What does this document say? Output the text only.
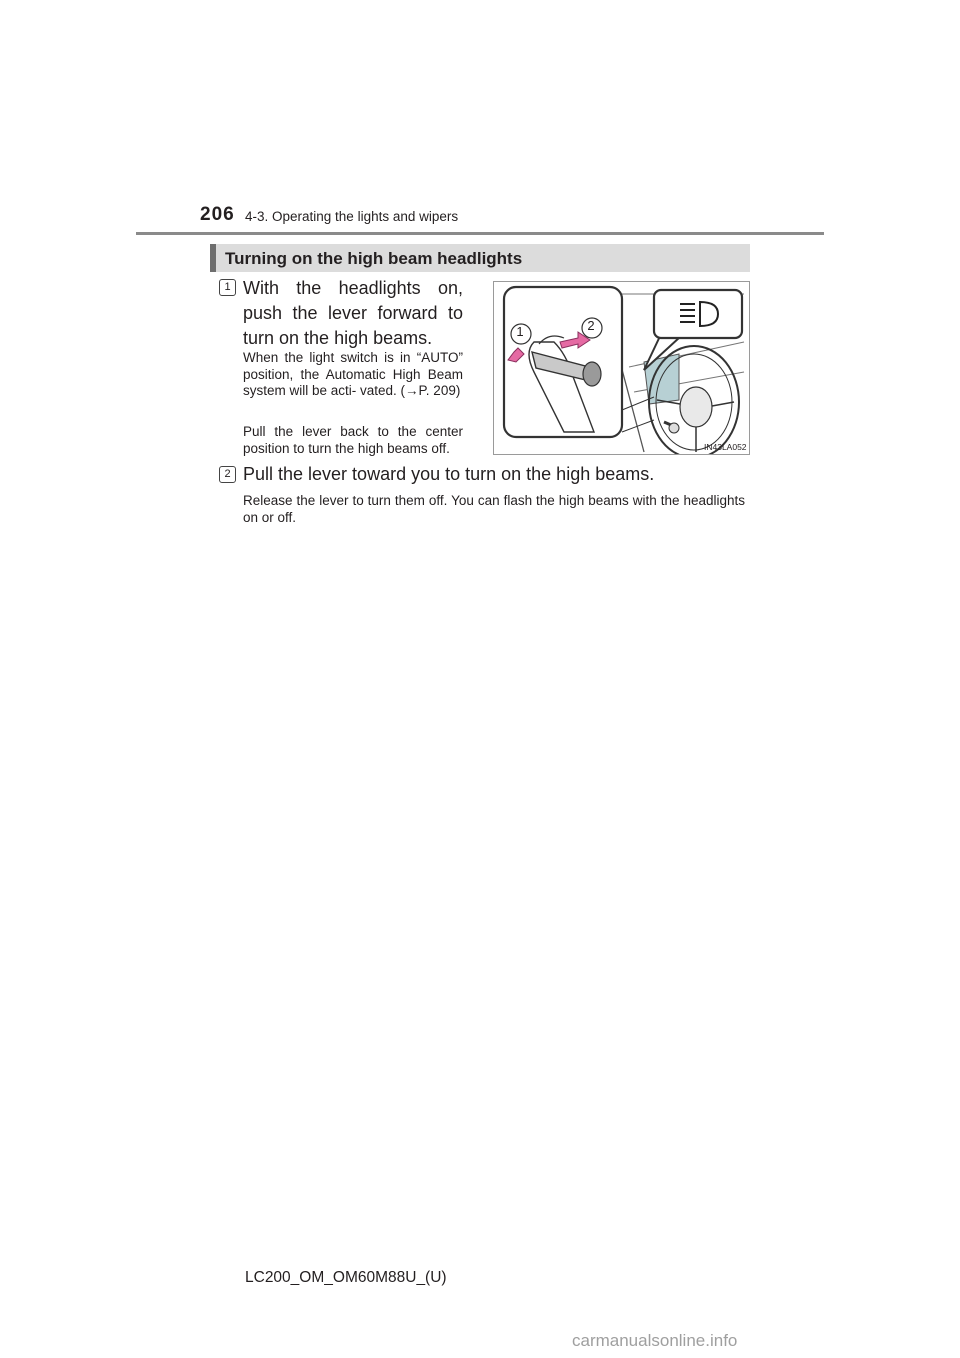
206 4-3. Operating the lights and wipers
Turning on the high beam headlights
1 With the headlights on, push the lever forward to turn on the high beams.
When the light switch is in “AUTO” position, the Automatic High Beam system will be acti- vated. (→P. 209)
Pull the lever back to the center position to turn the high beams off.
2 Pull the lever toward you to turn on the high beams.
Release the lever to turn them off. You can flash the high beams with the headlights on or off.
1	2
IN43LA052
LC200_OM_OM60M88U_(U)
carmanualsonline.info
